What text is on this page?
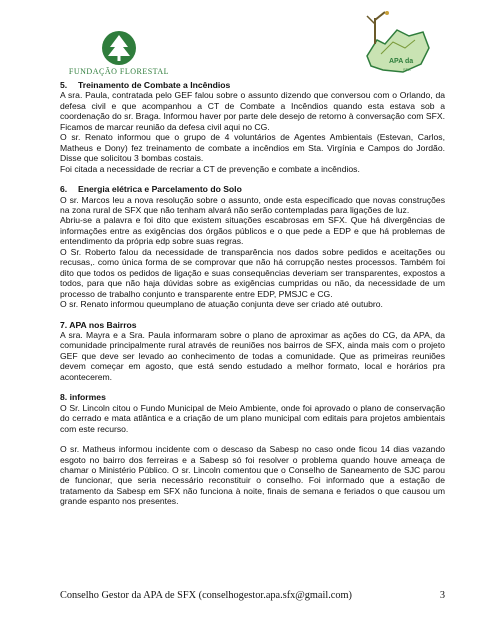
FUNDAÇÃO FLORESTAL
APA da
SFX
5. Treinamento de Combate a Incêndios

A sra. Paula, contratada pelo GEF falou sobre o assunto dizendo que conversou com o Orlando, da defesa civil e que acompanhou a CT de Combate a Incêndios quando esta estava sob a coordenação do sr. Braga. Informou haver por parte dele desejo de retorno à conversação com SFX. Ficamos de marcar reunião da defesa civil aqui no CG.

O sr. Renato informou que o grupo de 4 voluntários de Agentes Ambientais (Estevan, Carlos, Matheus e Dony) fez treinamento de combate a incêndios em Sta. Virgínia e Campos do Jordão. Disse que solicitou 3 bombas costais.

Foi citada a necessidade de recriar a CT de prevenção e combate a incêndios.

6. Energia elétrica e Parcelamento do Solo

O sr. Marcos leu a nova resolução sobre o assunto, onde esta especificado que novas construções na zona rural de SFX que não tenham alvará não serão contempladas para ligações de luz.

Abriu-se a palavra e foi dito que existem situações escabrosas em SFX. Que há divergências de informações entre as exigências dos órgãos públicos e o que pede a EDP e que há problemas de entendimento da própria edp sobre suas regras.

O Sr. Roberto falou da necessidade de transparência nos dados sobre pedidos e aceitações ou recusas,. como única forma de se comprovar que não há corrupção nestes processos. Também foi dito que todos os pedidos de ligação e suas consequências deveriam ser transparentes, expostos a todos, para que não haja dúvidas sobre as exigências cumpridas ou não, da necessidade de um processo de trabalho conjunto e transparente entre EDP, PMSJC e CG.

O sr. Renato informou queumplano de atuação conjunta deve ser criado até outubro.

7. APA nos Bairros

A sra. Mayra e a Sra. Paula informaram sobre o plano de aproximar as ações do CG, da APA, da comunidade principalmente rural através de reuniões nos bairros de SFX, ainda mais com o projeto GEF que deve ser levado ao conhecimento de todas a comunidade. Que as primeiras reuniões devem começar em agosto, que está sendo estudado a melhor formato, local e horários pra acontecerem.

8. informes

O Sr. Lincoln citou o Fundo Municipal de Meio Ambiente, onde foi aprovado o plano de conservação do cerrado e mata atlântica e a criação de um plano municipal com editais para projetos ambientais com este recurso.

O sr. Matheus informou incidente com o descaso da Sabesp no caso onde ficou 14 dias vazando esgoto no bairro dos ferreiras e a Sabesp só foi resolver o problema quando houve ameaça de chamar o Ministério Público. O sr. Lincoln comentou que o Conselho de Saneamento de SJC parou de funcionar, que seria necessário reconstituir o conselho. Foi informado que a estação de tratamento da Sabesp em SFX não funciona à noite, finais de semana e feriados o que causou um grande espanto nos presentes.

Conselho Gestor da APA de SFX (conselhogestor.apa.sfx@gmail.com)	3
